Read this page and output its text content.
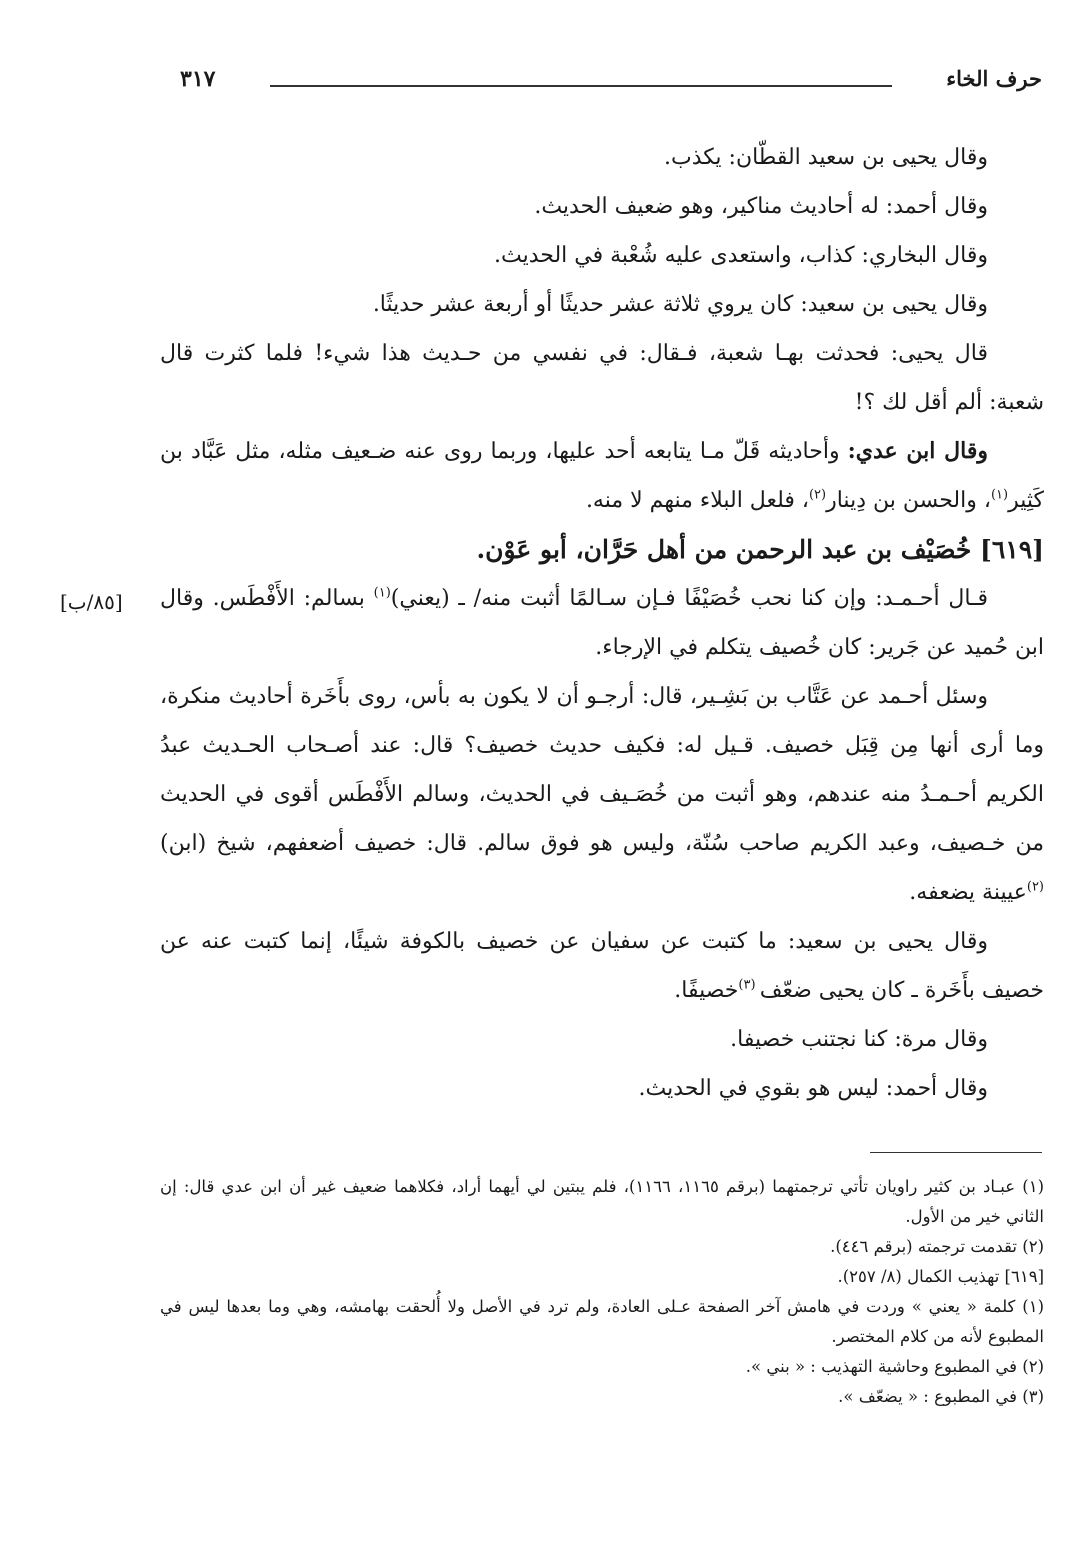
حرف الخاء
٣١٧
[٨٥/ب]

وقال يحيى بن سعيد القطّان: يكذب.

وقال أحمد: له أحاديث مناكير، وهو ضعيف الحديث.

وقال البخاري: كذاب، واستعدى عليه شُعْبة في الحديث.

وقال يحيى بن سعيد: كان يروي ثلاثة عشر حديثًا أو أربعة عشر حديثًا.

قال يحيى: فحدثت بهـا شعبة، فـقال: في نفسي من حـديث هذا شيء! فلما كثرت قال شعبة: ألم أقل لك ؟!

وقال ابن عدي: وأحاديثه قَلّ مـا يتابعه أحد عليها، وربما روى عنه ضـعيف مثله، مثل عَبَّاد بن كَثِير$^{(١)}$، والحسن بن دِينار$^{(٢)}$، فلعل البلاء منهم لا منه.

[٦١٩] خُصَيْف بن عبد الرحمن من أهل حَرَّان، أبو عَوْن.

قـال أحـمـد: وإن كنا نحب خُصَيْفًا فـإن سـالمًا أثبت منه/ ـ (يعني)$^{(١)}$ بسالم: الأَفْطَس. وقال ابن حُميد عن جَرير: كان خُصيف يتكلم في الإرجاء.

وسئل أحـمد عن عَتَّاب بن بَشِـير، قال: أرجـو أن لا يكون به بأس، روى بأَخَرة أحاديث منكرة، وما أرى أنها مِن قِبَل خصيف. قـيل له: فكيف حديث خصيف؟ قال: عند أصـحاب الحـديث عبدُ الكريم أحـمـدُ منه عندهم، وهو أثبت من خُصَـيف في الحديث، وسالم الأَفْطَس أقوى في الحديث من خـصيف، وعبد الكريم صاحب سُنّة، وليس هو فوق سالم. قال: خصيف أضعفهم، شيخ (ابن)$^{(٢)}$عيينة يضعفه.

وقال يحيى بن سعيد: ما كتبت عن سفيان عن خصيف بالكوفة شيئًا، إنما كتبت عنه عن خصيف بأَخَرة ـ كان يحيى ضعّف $^{(٣)}$خصيفًا.

وقال مرة: كنا نجتنب خصيفا.

وقال أحمد: ليس هو بقوي في الحديث.

(١) عبـاد بن كثير راويان تأتي ترجمتهما (برقم ١١٦٥، ١١٦٦)، فلم يبتين لي أيهما أراد، فكلاهما ضعيف غير أن ابن عدي قال: إن الثاني خير من الأول.

(٢) تقدمت ترجمته (برقم ٤٤٦).

[٦١٩] تهذيب الكمال (٨/ ٢٥٧).

(١) كلمة « يعني » وردت في هامش آخر الصفحة عـلى العادة، ولم ترد في الأصل ولا أُلحقت بهامشه، وهي وما بعدها ليس في المطبوع لأنه من كلام المختصر.

(٢) في المطبوع وحاشية التهذيب : « بني ».

(٣) في المطبوع : « يضعّف ».
